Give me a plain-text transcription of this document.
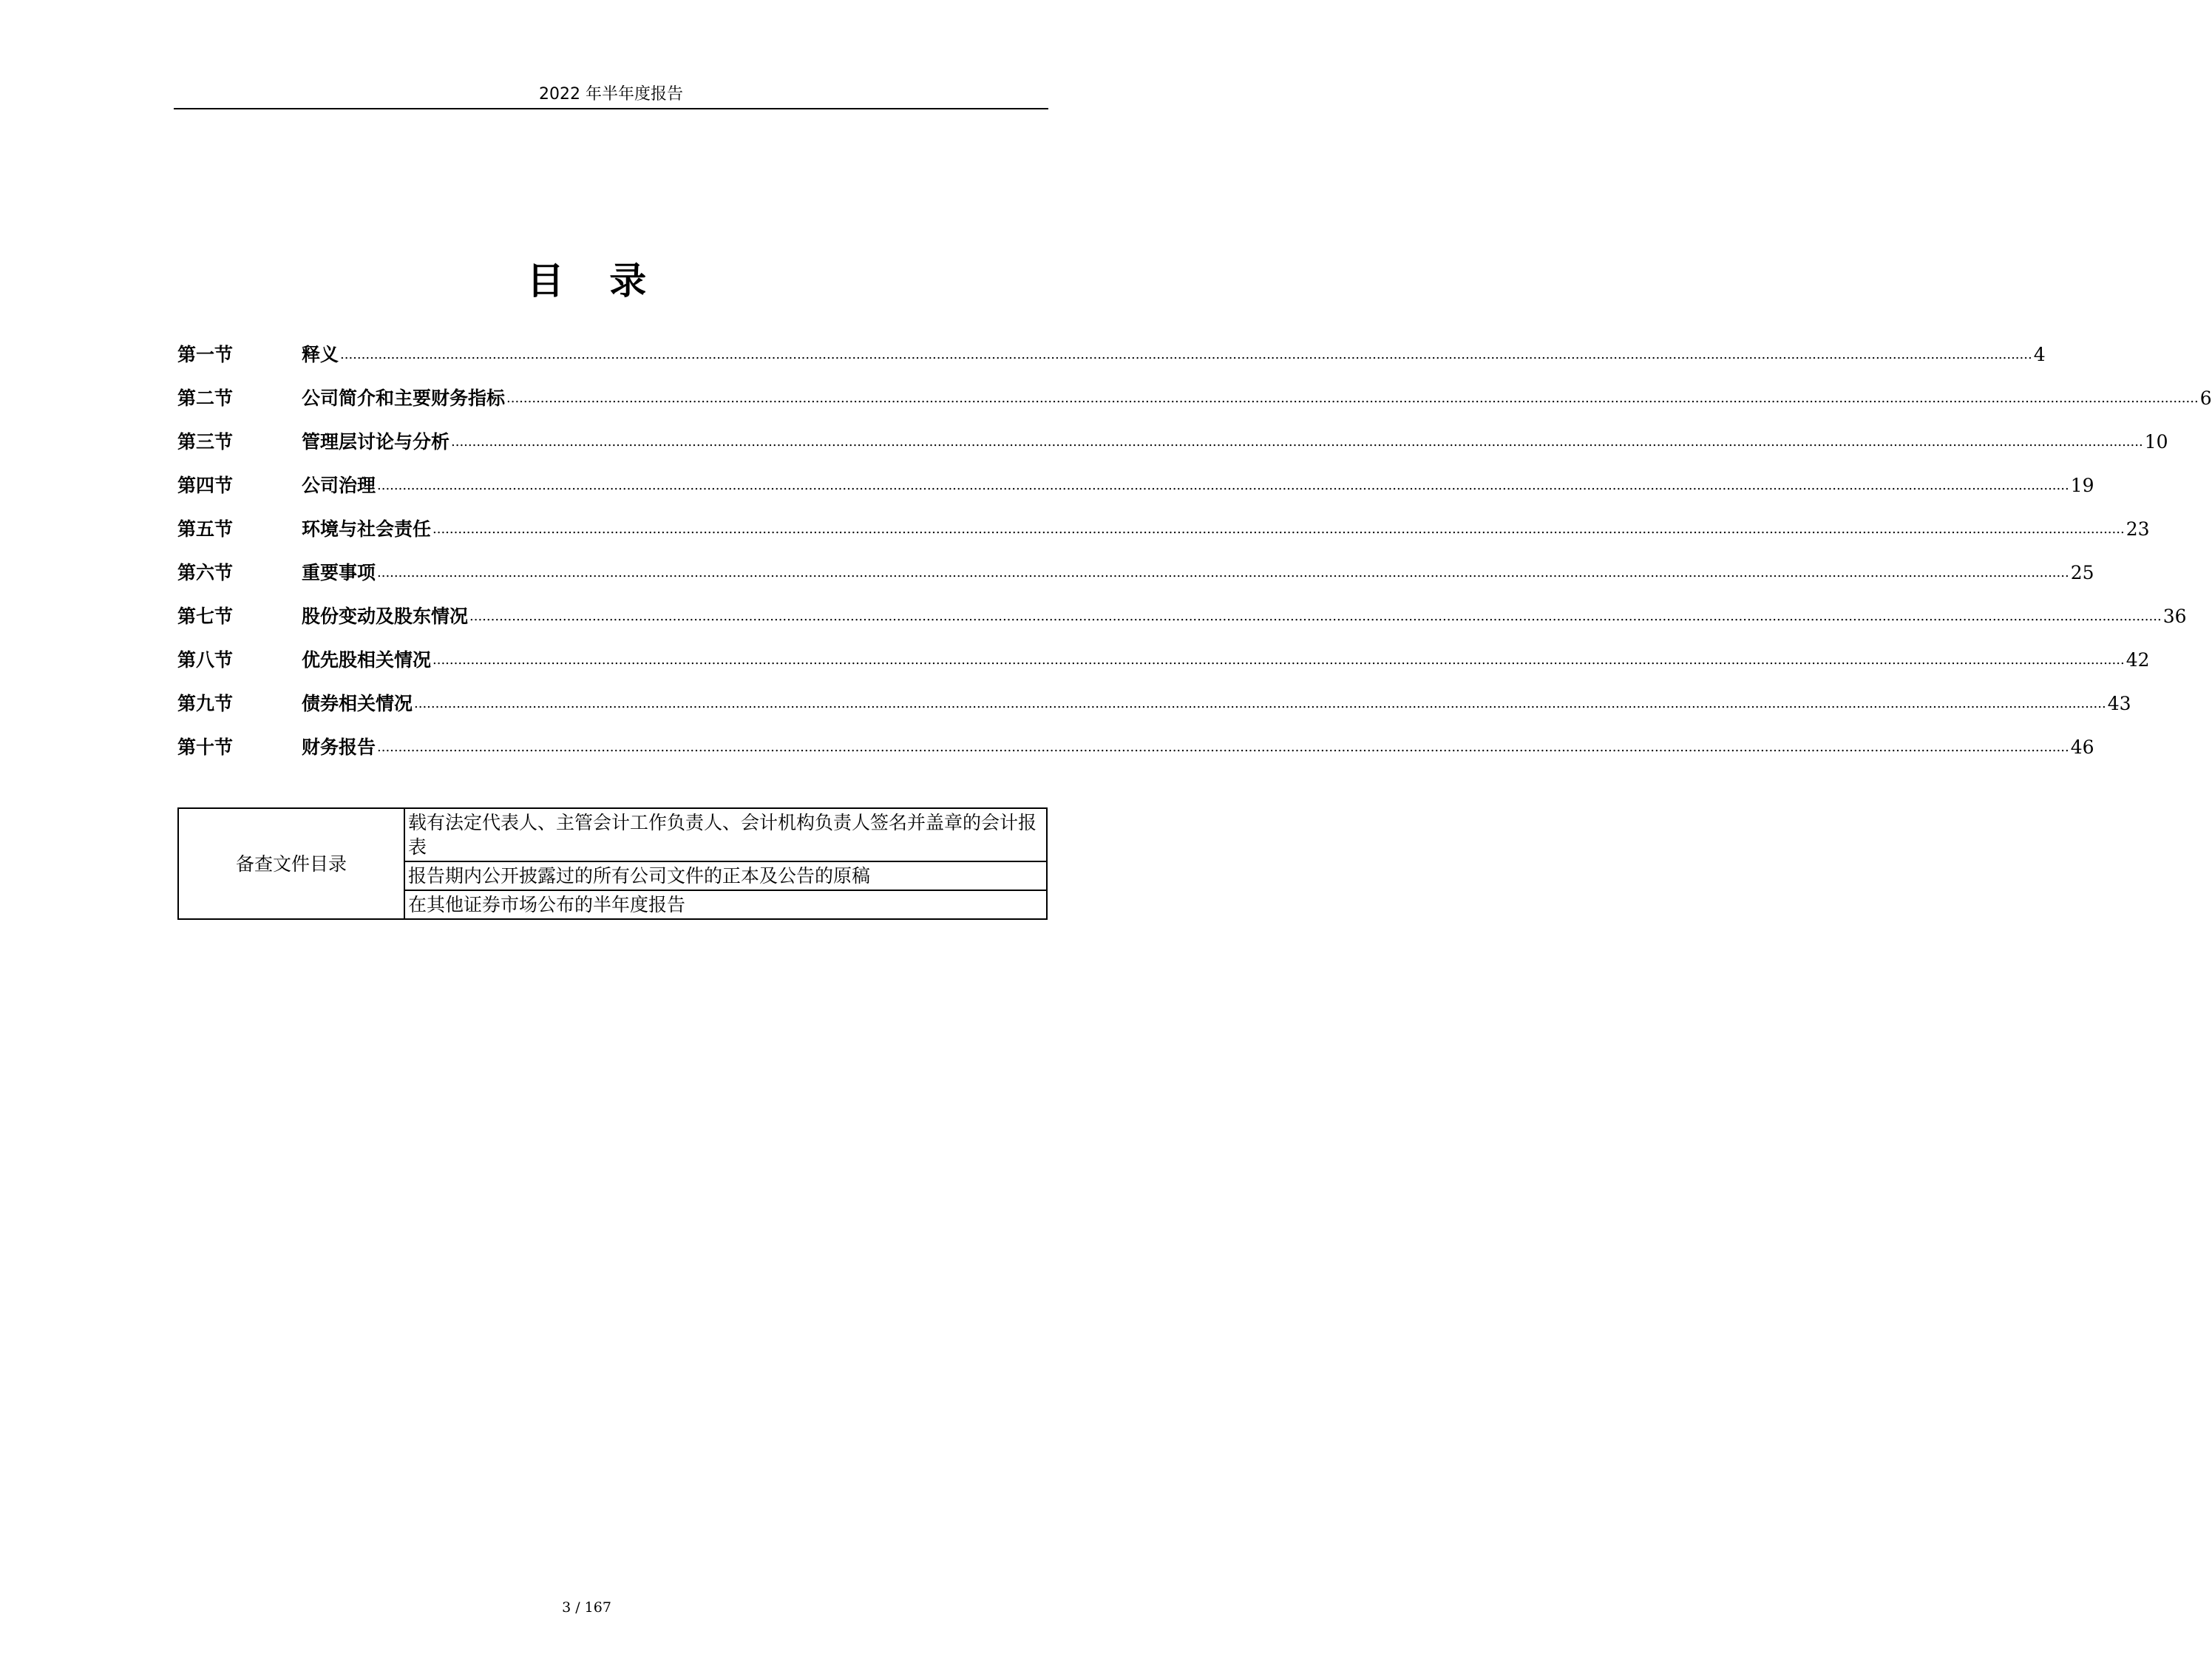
2022 年半年度报告
目 录
第一节	释义 ................................................................................................................................................................................................................................................................................................................................................................................................................ 4
第二节	公司简介和主要财务指标 ................................................................................................................................................................................................................................................................................................................................................................................................................ 6
第三节	管理层讨论与分析 ................................................................................................................................................................................................................................................................................................................................................................................................................ 10
第四节	公司治理 ................................................................................................................................................................................................................................................................................................................................................................................................................ 19
第五节	环境与社会责任 ................................................................................................................................................................................................................................................................................................................................................................................................................ 23
第六节	重要事项 ................................................................................................................................................................................................................................................................................................................................................................................................................ 25
第七节	股份变动及股东情况 ................................................................................................................................................................................................................................................................................................................................................................................................................ 36
第八节	优先股相关情况 ................................................................................................................................................................................................................................................................................................................................................................................................................ 42
第九节	债券相关情况 ................................................................................................................................................................................................................................................................................................................................................................................................................ 43
第十节	财务报告 ................................................................................................................................................................................................................................................................................................................................................................................................................ 46
备查文件目录	载有法定代表人、主管会计工作负责人、会计机构负责人签名并盖章的会计报表
报告期内公开披露过的所有公司文件的正本及公告的原稿
在其他证券市场公布的半年度报告
3 / 167
